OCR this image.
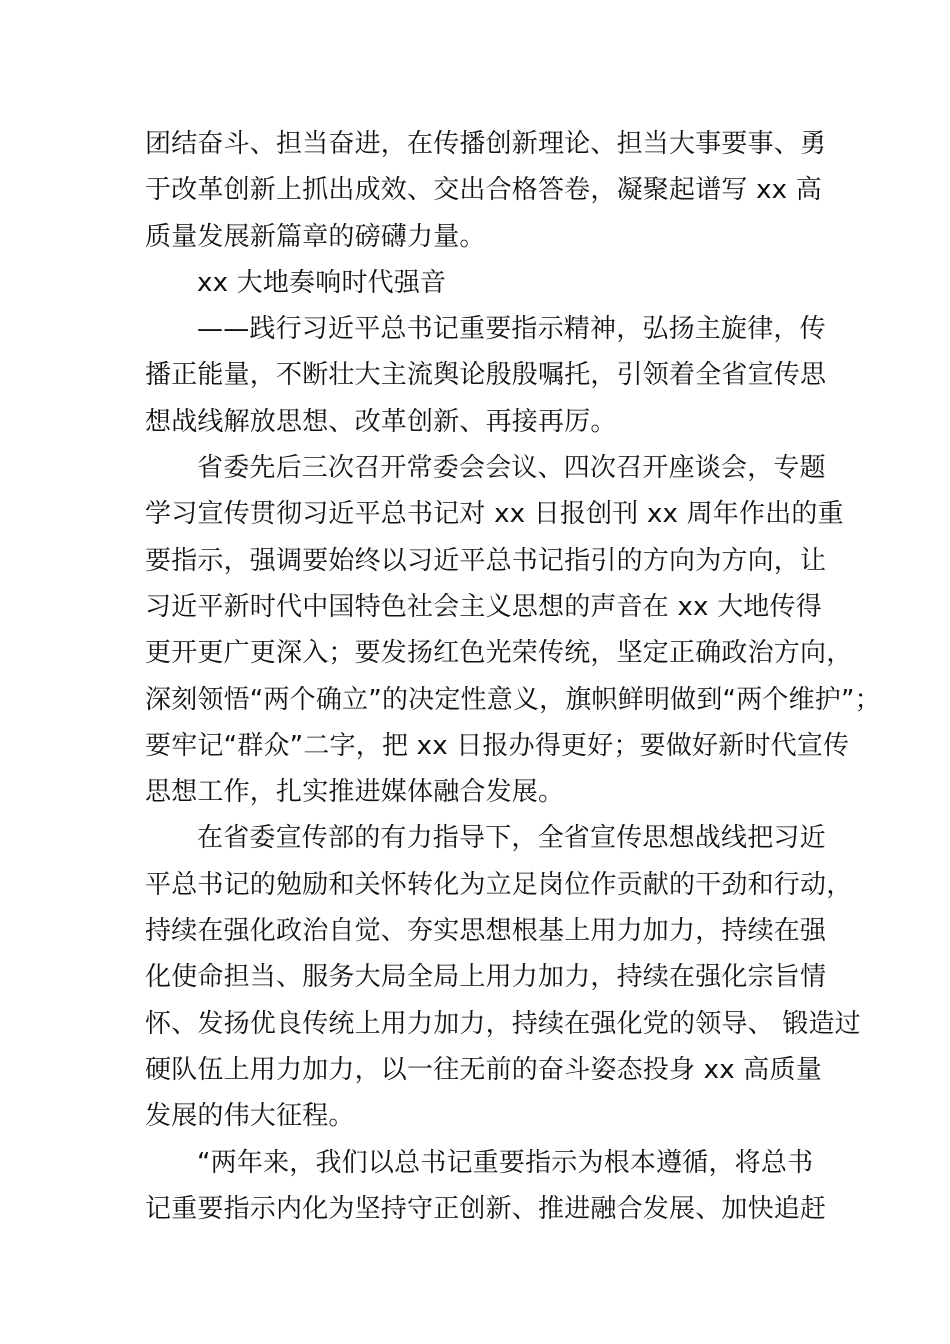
团结奋斗、担当奋进，在传播创新理论、担当大事要事、勇
于改革创新上抓出成效、交出合格答卷，凝聚起谱写 xx 高
质量发展新篇章的磅礴力量。
xx 大地奏响时代强音
——践行习近平总书记重要指示精神，弘扬主旋律，传
播正能量，不断壮大主流舆论殷殷嘱托，引领着全省宣传思
想战线解放思想、改革创新、再接再厉。
省委先后三次召开常委会会议、四次召开座谈会，专题
学习宣传贯彻习近平总书记对 xx 日报创刊 xx 周年作出的重
要指示，强调要始终以习近平总书记指引的方向为方向，让
习近平新时代中国特色社会主义思想的声音在 xx 大地传得
更开更广更深入；要发扬红色光荣传统，坚定正确政治方向，
深刻领悟“两个确立”的决定性意义，旗帜鲜明做到“两个维护”；
要牢记“群众”二字，把 xx 日报办得更好；要做好新时代宣传
思想工作，扎实推进媒体融合发展。
在省委宣传部的有力指导下，全省宣传思想战线把习近
平总书记的勉励和关怀转化为立足岗位作贡献的干劲和行动，
持续在强化政治自觉、夯实思想根基上用力加力，持续在强
化使命担当、服务大局全局上用力加力，持续在强化宗旨情
怀、发扬优良传统上用力加力，持续在强化党的领导、 锻造过
硬队伍上用力加力，以一往无前的奋斗姿态投身 xx 高质量
发展的伟大征程。
“两年来，我们以总书记重要指示为根本遵循，将总书
记重要指示内化为坚持守正创新、推进融合发展、加快追赶
